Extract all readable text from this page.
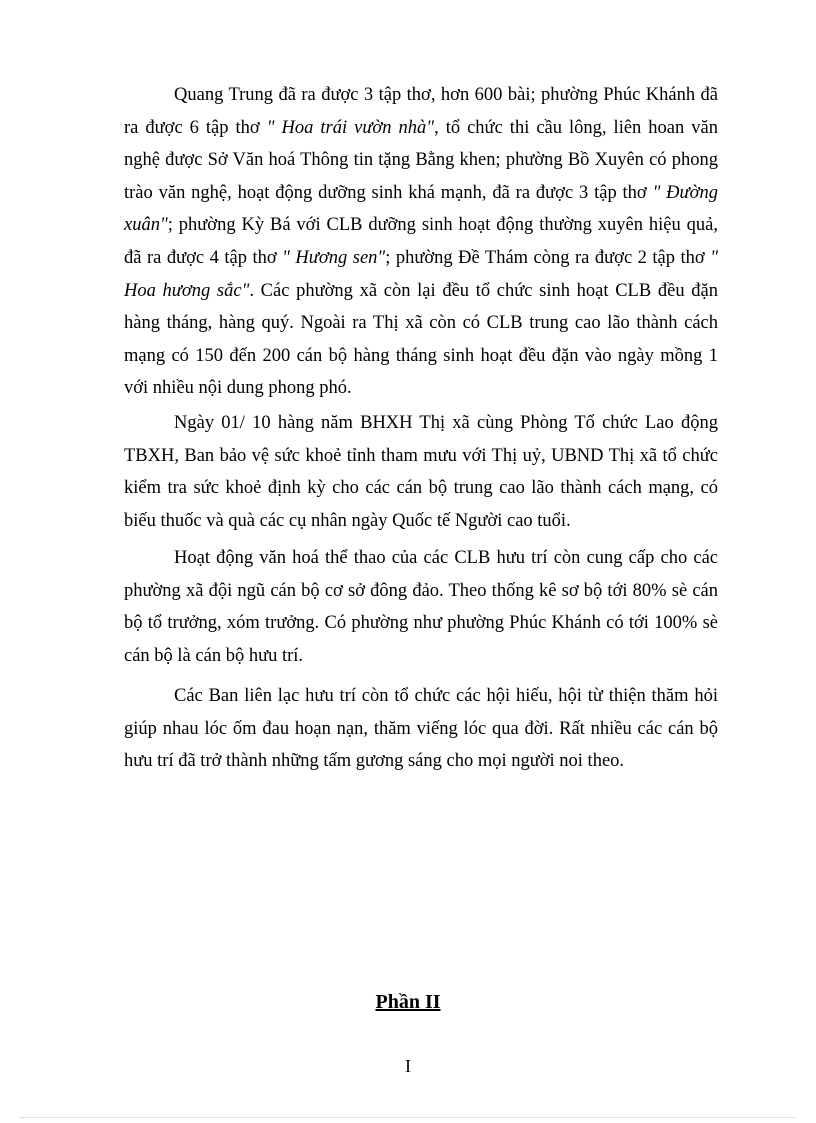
Quang Trung đã ra được 3 tập thơ, hơn 600 bài; phường Phúc Khánh đã ra được 6 tập thơ " Hoa trái vườn nhà", tổ chức thi cầu lông, liên hoan văn nghệ được Sở Văn hoá Thông tin tặng Bằng khen; phường Bồ Xuyên có phong trào văn nghệ, hoạt động dưỡng sinh khá mạnh, đã ra được 3 tập thơ " Đường xuân"; phường Kỳ Bá với CLB dưỡng sinh hoạt động thường xuyên hiệu quả, đã ra được 4 tập thơ " Hương sen"; phường Đề Thám còng ra được 2 tập thơ " Hoa hương sắc". Các phường xã còn lại đều tổ chức sinh hoạt CLB đều đặn hàng tháng, hàng quý. Ngoài ra Thị xã còn có CLB trung cao lão thành cách mạng có 150 đến 200 cán bộ hàng tháng sinh hoạt đều đặn vào ngày mồng 1 với nhiều nội dung phong phó.

Ngày 01/ 10 hàng năm BHXH Thị xã cùng Phòng Tổ chức Lao động TBXH, Ban bảo vệ sức khoẻ tỉnh tham mưu với Thị uỷ, UBND Thị xã tổ chức kiểm tra sức khoẻ định kỳ cho các cán bộ trung cao lão thành cách mạng, có biếu thuốc và quà các cụ nhân ngày Quốc tế Người cao tuổi.

Hoạt động văn hoá thể thao của các CLB hưu trí còn cung cấp cho các phường xã đội ngũ cán bộ cơ sở đông đảo. Theo thống kê sơ bộ tới 80% sè cán bộ tổ trưởng, xóm trưởng. Có phường như phường Phúc Khánh có tới 100% sè cán bộ là cán bộ hưu trí.

Các Ban liên lạc hưu trí còn tổ chức các hội hiếu, hội từ thiện thăm hỏi giúp nhau lóc ốm đau hoạn nạn, thăm viếng lóc qua đời. Rất nhiều các cán bộ hưu trí đã trở thành những tấm gương sáng cho mọi người noi theo.

Phần II
I
